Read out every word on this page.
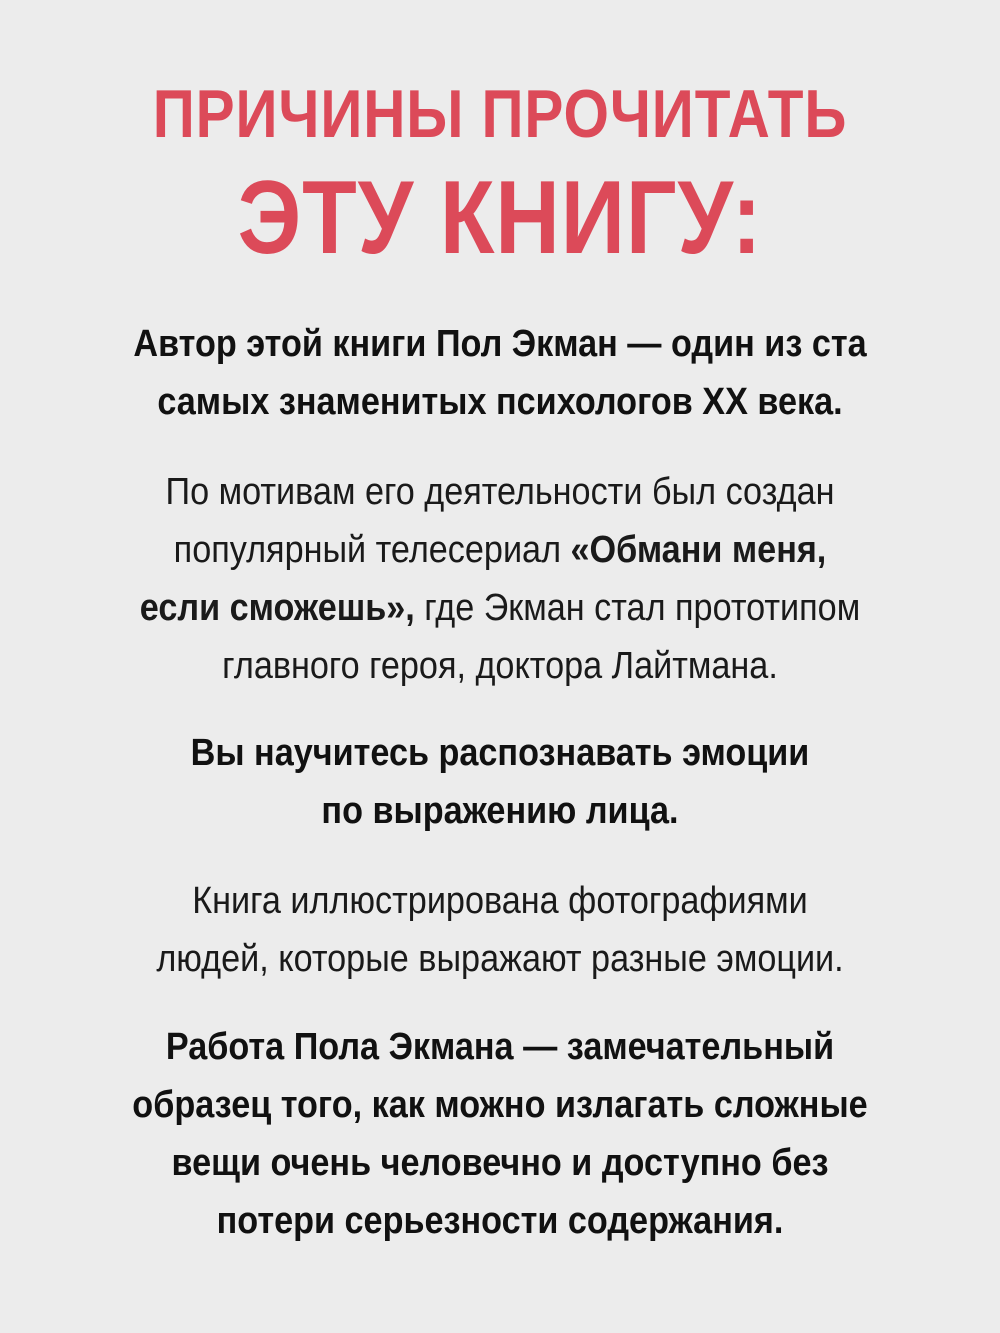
ПРИЧИНЫ ПРОЧИТАТЬ
ЭТУ КНИГУ:

Автор этой книги Пол Экман — один из ста
самых знаменитых психологов XX века.

По мотивам его деятельности был создан
популярный телесериал «Обмани меня,
если сможешь», где Экман стал прототипом
главного героя, доктора Лайтмана.

Вы научитесь распознавать эмоции
по выражению лица.

Книга иллюстрирована фотографиями
людей, которые выражают разные эмоции.

Работа Пола Экмана — замечательный
образец того, как можно излагать сложные
вещи очень человечно и доступно без
потери серьезности содержания.
